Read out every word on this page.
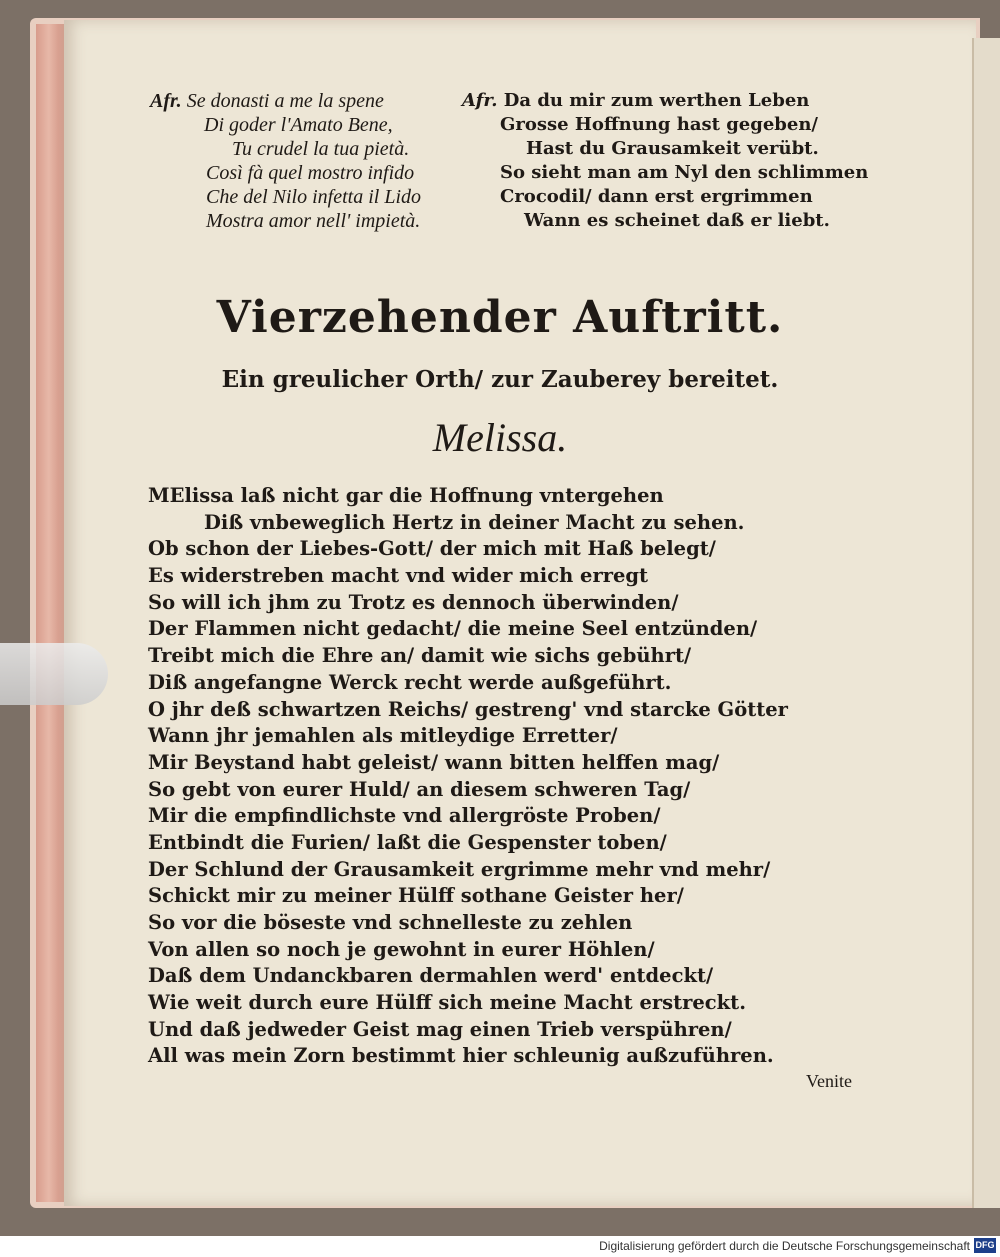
Afr. Se donasti a me la spene
Di goder l'Amato Bene,
Tu crudel la tua pietà.
Così fà quel mostro infido
Che del Nilo infetta il Lido
Mostra amor nell' impietà.
Afr. Da du mir zum werthen Leben
Grosse Hoffnung hast gegeben/
Hast du Grausamkeit verübt.
So sieht man am Nyl den schlimmen
Crocodil/ dann erst ergrimmen
Wann es scheinet daß er liebt.
Vierzehender Auftritt.
Ein greulicher Orth/ zur Zauberey bereitet.
Melissa.
MElissa laß nicht gar die Hoffnung vntergehen
Diß vnbeweglich Hertz in deiner Macht zu sehen.
Ob schon der Liebes-Gott/ der mich mit Haß belegt/
Es widerstreben macht vnd wider mich erregt
So will ich jhm zu Trotz es dennoch überwinden/
Der Flammen nicht gedacht/ die meine Seel entzünden/
Treibt mich die Ehre an/ damit wie sichs gebührt/
Diß angefangne Werck recht werde außgeführt.
O jhr deß schwartzen Reichs/ gestreng' vnd starcke Götter
Wann jhr jemahlen als mitleydige Erretter/
Mir Beystand habt geleist/ wann bitten helffen mag/
So gebt von eurer Huld/ an diesem schweren Tag/
Mir die empfindlichste vnd allergröste Proben/
Entbindt die Furien/ laßt die Gespenster toben/
Der Schlund der Grausamkeit ergrimme mehr vnd mehr/
Schickt mir zu meiner Hülff sothane Geister her/
So vor die böseste vnd schnelleste zu zehlen
Von allen so noch je gewohnt in eurer Höhlen/
Daß dem Undanckbaren dermahlen werd' entdeckt/
Wie weit durch eure Hülff sich meine Macht erstreckt.
Und daß jedweder Geist mag einen Trieb verspühren/
All was mein Zorn bestimmt hier schleunig außzuführen.
Venite
Digitalisierung gefördert durch die Deutsche Forschungsgemeinschaft DFG
